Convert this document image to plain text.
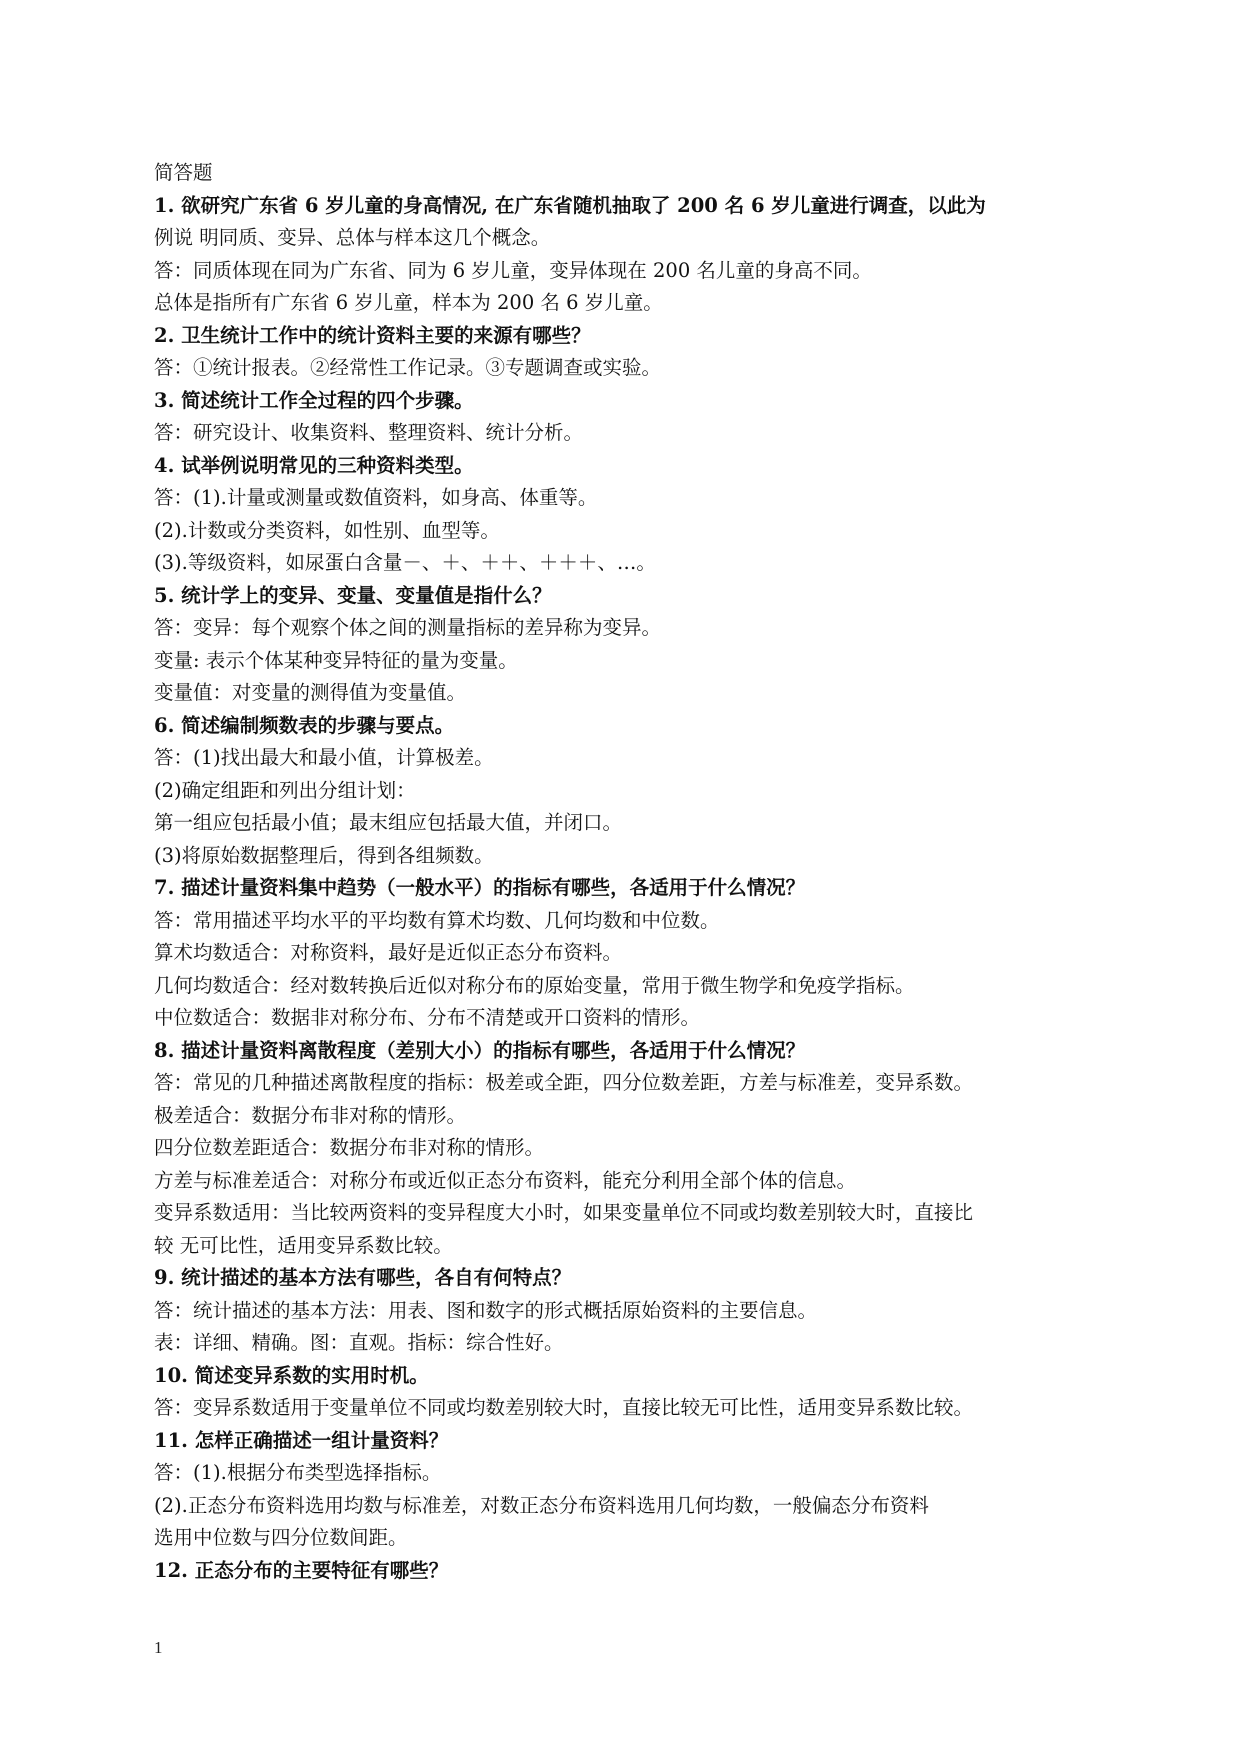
简答题
1. 欲研究广东省 6 岁儿童的身高情况, 在广东省随机抽取了 200 名 6 岁儿童进行调查，以此为
例说 明同质、变异、总体与样本这几个概念。
答：同质体现在同为广东省、同为 6 岁儿童，变异体现在 200 名儿童的身高不同。
总体是指所有广东省 6 岁儿童，样本为 200 名 6 岁儿童。
2. 卫生统计工作中的统计资料主要的来源有哪些？
答：①统计报表。②经常性工作记录。③专题调查或实验。
3. 简述统计工作全过程的四个步骤。
答：研究设计、收集资料、整理资料、统计分析。
4. 试举例说明常见的三种资料类型。
答：(1).计量或测量或数值资料，如身高、体重等。
(2).计数或分类资料，如性别、血型等。
(3).等级资料，如尿蛋白含量－、＋、＋＋、＋＋＋、…。
5. 统计学上的变异、变量、变量值是指什么？
答：变异：每个观察个体之间的测量指标的差异称为变异。
变量: 表示个体某种变异特征的量为变量。
变量值：对变量的测得值为变量值。
6. 简述编制频数表的步骤与要点。
答：(1)找出最大和最小值，计算极差。
(2)确定组距和列出分组计划：
第一组应包括最小值；最末组应包括最大值，并闭口。
(3)将原始数据整理后，得到各组频数。
7. 描述计量资料集中趋势（一般水平）的指标有哪些，各适用于什么情况？
答：常用描述平均水平的平均数有算术均数、几何均数和中位数。
算术均数适合：对称资料，最好是近似正态分布资料。
几何均数适合：经对数转换后近似对称分布的原始变量，常用于微生物学和免疫学指标。
中位数适合：数据非对称分布、分布不清楚或开口资料的情形。
8. 描述计量资料离散程度（差别大小）的指标有哪些，各适用于什么情况？
答：常见的几种描述离散程度的指标：极差或全距，四分位数差距，方差与标准差，变异系数。
极差适合：数据分布非对称的情形。
四分位数差距适合：数据分布非对称的情形。
方差与标准差适合：对称分布或近似正态分布资料，能充分利用全部个体的信息。
变异系数适用：当比较两资料的变异程度大小时，如果变量单位不同或均数差别较大时，直接比
较 无可比性，适用变异系数比较。
9. 统计描述的基本方法有哪些，各自有何特点？
答：统计描述的基本方法：用表、图和数字的形式概括原始资料的主要信息。
表：详细、精确。图：直观。指标：综合性好。
10. 简述变异系数的实用时机。
答：变异系数适用于变量单位不同或均数差别较大时，直接比较无可比性，适用变异系数比较。
11. 怎样正确描述一组计量资料？
答：(1).根据分布类型选择指标。
(2).正态分布资料选用均数与标准差，对数正态分布资料选用几何均数，一般偏态分布资料
选用中位数与四分位数间距。
12. 正态分布的主要特征有哪些？
1
